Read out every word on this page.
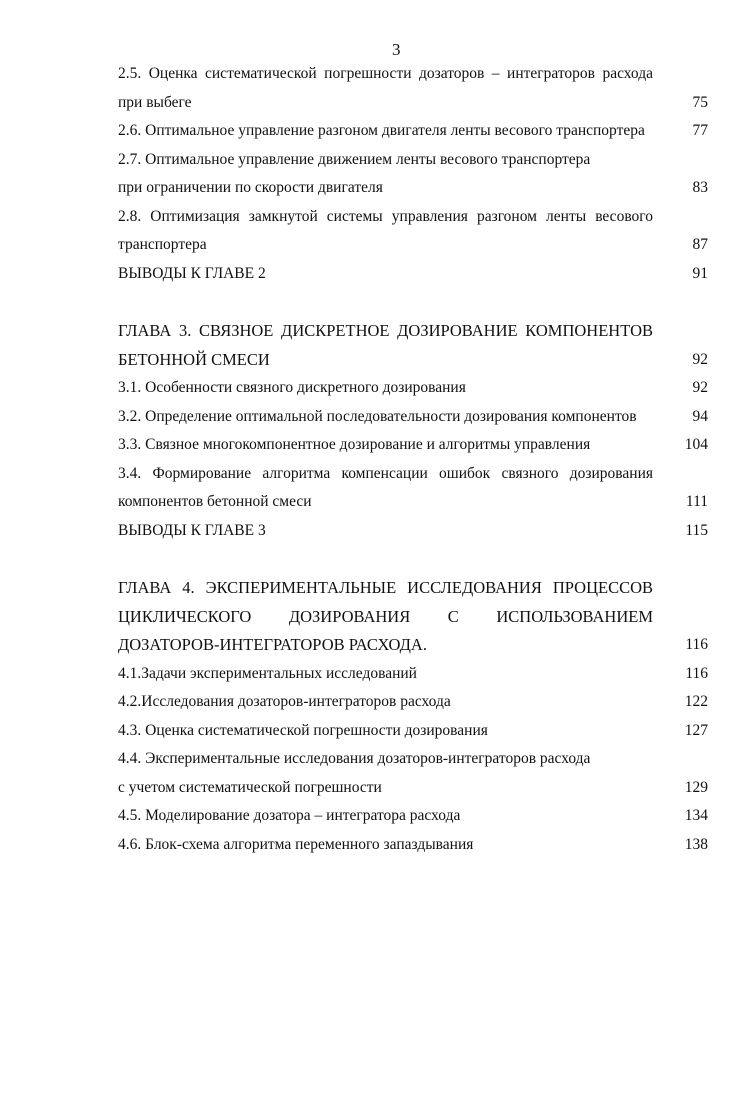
3
2.5. Оценка систематической погрешности дозаторов – интеграторов расхода при выбеге	75
2.6. Оптимальное управление разгоном двигателя ленты весового транспортера	77
2.7. Оптимальное управление движением ленты весового транспортера
при ограничении по скорости двигателя	83
2.8. Оптимизация замкнутой системы управления разгоном ленты весового транспортера	87
ВЫВОДЫ К ГЛАВЕ 2	91
ГЛАВА 3. СВЯЗНОЕ ДИСКРЕТНОЕ ДОЗИРОВАНИЕ КОМПОНЕНТОВ БЕТОННОЙ СМЕСИ	92
3.1. Особенности связного дискретного дозирования	92
3.2. Определение оптимальной последовательности дозирования компонентов	94
3.3. Связное многокомпонентное дозирование и алгоритмы управления	104
3.4. Формирование алгоритма компенсации ошибок связного дозирования компонентов бетонной смеси	111
ВЫВОДЫ К ГЛАВЕ 3	115
ГЛАВА 4. ЭКСПЕРИМЕНТАЛЬНЫЕ ИССЛЕДОВАНИЯ ПРОЦЕССОВ ЦИКЛИЧЕСКОГО ДОЗИРОВАНИЯ С ИСПОЛЬЗОВАНИЕМ ДОЗАТОРОВ-ИНТЕГРАТОРОВ РАСХОДА.	116
4.1.Задачи экспериментальных исследований	116
4.2.Исследования дозаторов-интеграторов расхода	122
4.3. Оценка систематической погрешности дозирования	127
4.4. Экспериментальные исследования дозаторов-интеграторов расхода
с учетом систематической погрешности	129
4.5. Моделирование дозатора – интегратора расхода	134
4.6. Блок-схема алгоритма переменного запаздывания	138
